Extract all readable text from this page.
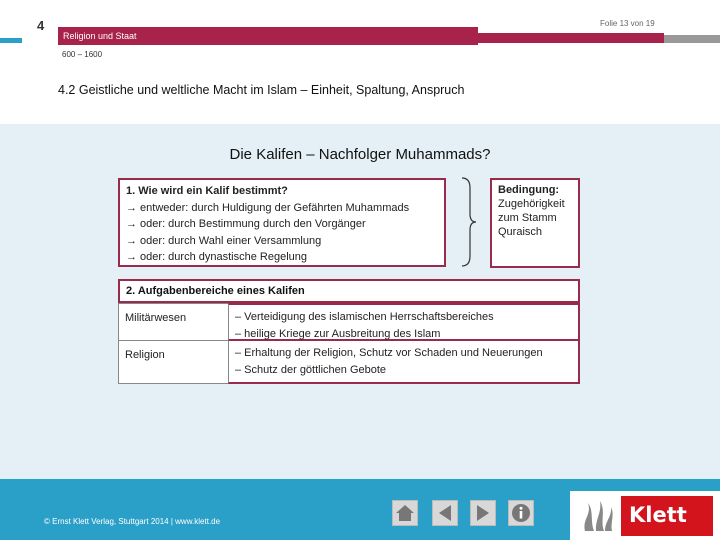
4	Folie 13 von 19
Religion und Staat
600 – 1600
4.2 Geistliche und weltliche Macht im Islam – Einheit, Spaltung, Anspruch
Die Kalifen – Nachfolger Muhammads?
1. Wie wird ein Kalif bestimmt?
→ entweder: durch Huldigung der Gefährten Muhammads
→ oder: durch Bestimmung durch den Vorgänger
→ oder: durch Wahl einer Versammlung
→ oder: durch dynastische Regelung
Bedingung:
Zugehörigkeit
zum Stamm
Quraisch
2. Aufgabenbereiche eines Kalifen
Militärwesen	– Verteidigung des islamischen Herrschaftsbereiches
– heilige Kriege zur Ausbreitung des Islam
Religion	– Erhaltung der Religion, Schutz vor Schaden und Neuerungen
– Schutz der göttlichen Gebote
© Ernst Klett Verlag, Stuttgart 2014 | www.klett.de	Klett
